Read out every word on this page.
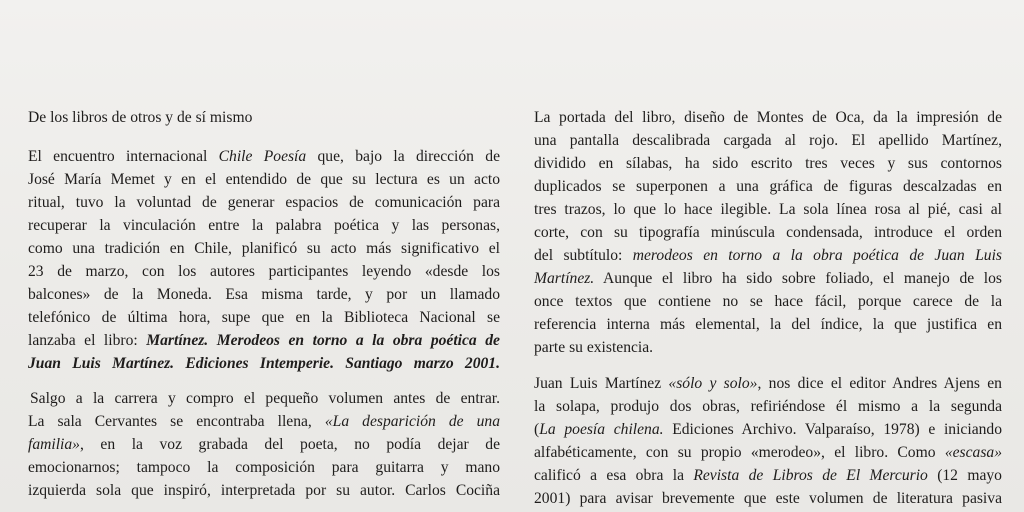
De los libros de otros y de sí mismo
El encuentro internacional Chile Poesía que, bajo la dirección de
José María Memet y en el entendido de que su lectura es un acto
ritual, tuvo la voluntad de generar espacios de comunicación para
recuperar la vinculación entre la palabra poética y las personas,
como una tradición en Chile, planificó su acto más significativo el
23 de marzo, con los autores participantes leyendo «desde los
balcones» de la Moneda. Esa misma tarde, y por un llamado
telefónico de última hora, supe que en la Biblioteca Nacional se
lanzaba el libro: Martínez. Merodeos en torno a la obra poética de
Juan Luis Martínez. Ediciones Intemperie. Santiago marzo 2001.
Salgo a la carrera y compro el pequeño volumen antes de entrar.
La sala Cervantes se encontraba llena, «La desparición de una
familia», en la voz grabada del poeta, no podía dejar de
emocionarnos; tampoco la composición para guitarra y mano
izquierda sola que inspiró, interpretada por su autor. Carlos Cociña
La portada del libro, diseño de Montes de Oca, da la impresión de
una pantalla descalibrada cargada al rojo. El apellido Martínez,
dividido en sílabas, ha sido escrito tres veces y sus contornos
duplicados se superponen a una gráfica de figuras descalzadas en
tres trazos, lo que lo hace ilegible. La sola línea rosa al pié, casi al
corte, con su tipografía minúscula condensada, introduce el orden
del subtítulo: merodeos en torno a la obra poética de Juan Luis
Martínez. Aunque el libro ha sido sobre foliado, el manejo de los
once textos que contiene no se hace fácil, porque carece de la
referencia interna más elemental, la del índice, la que justifica en
parte su existencia.
Juan Luis Martínez «sólo y solo», nos dice el editor Andres Ajens en
la solapa, produjo dos obras, refiriéndose él mismo a la segunda
(La poesía chilena. Ediciones Archivo. Valparaíso, 1978) e iniciando
alfabéticamente, con su propio «merodeo», el libro. Como «escasa»
calificó a esa obra la Revista de Libros de El Mercurio (12 mayo
2001) para avisar brevemente que este volumen de literatura pasiva
